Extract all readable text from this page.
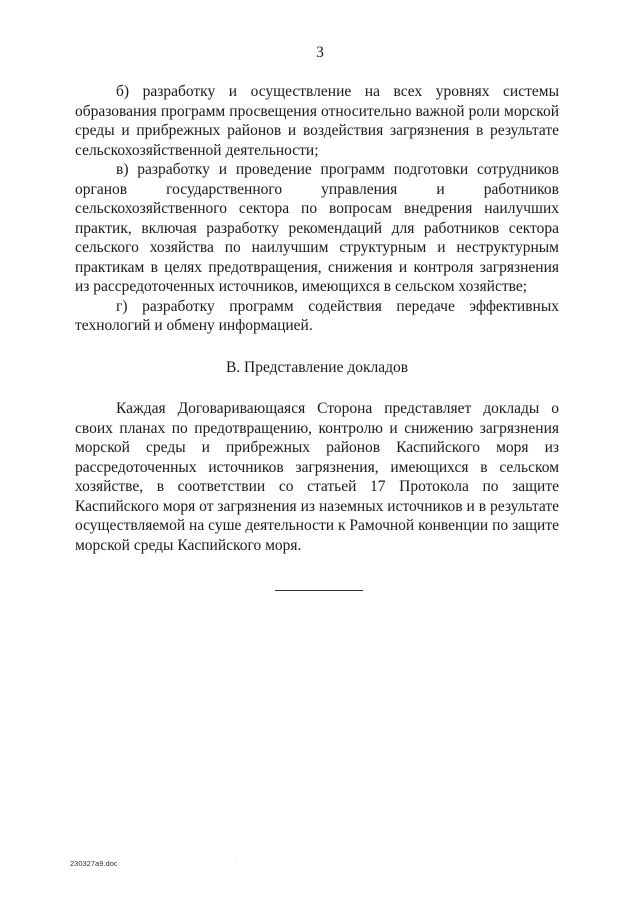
3

б) разработку и осуществление на всех уровнях системы образования программ просвещения относительно важной роли морской среды и прибрежных районов и воздействия загрязнения в результате сельскохозяйственной деятельности;

в) разработку и проведение программ подготовки сотрудников органов государственного управления и работников сельскохозяйственного сектора по вопросам внедрения наилучших практик, включая разработку рекомендаций для работников сектора сельского хозяйства по наилучшим структурным и неструктурным практикам в целях предотвращения, снижения и контроля загрязнения из рассредоточенных источников, имеющихся в сельском хозяйстве;

г) разработку программ содействия передаче эффективных технологий и обмену информацией.

B. Представление докладов

Каждая Договаривающаяся Сторона представляет доклады о своих планах по предотвращению, контролю и снижению загрязнения морской среды и прибрежных районов Каспийского моря из рассредоточенных источников загрязнения, имеющихся в сельском хозяйстве, в соответствии со статьей 17 Протокола по защите Каспийского моря от загрязнения из наземных источников и в результате осуществляемой на суше деятельности к Рамочной конвенции по защите морской среды Каспийского моря.

230327a9.doc	·
